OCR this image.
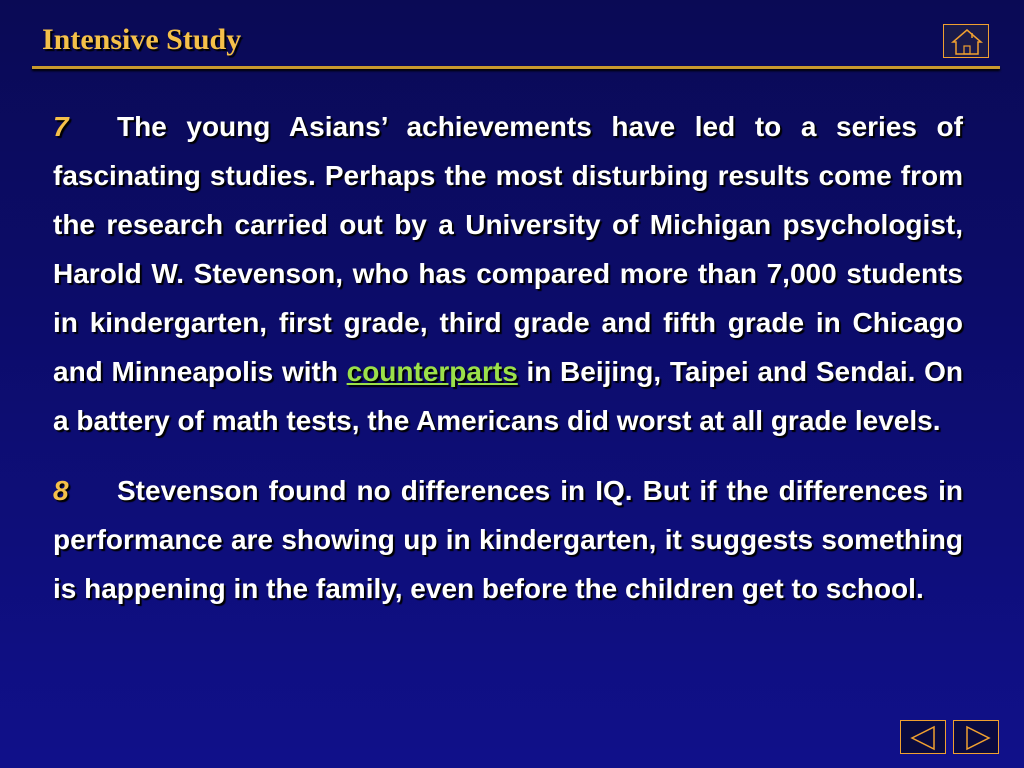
Intensive Study

7 The young Asians’ achievements have led to a series of fascinating studies. Perhaps the most disturbing results come from the research carried out by a University of Michigan psychologist, Harold W. Stevenson, who has compared more than 7,000 students in kindergarten, first grade, third grade and fifth grade in Chicago and Minneapolis with counterparts in Beijing, Taipei and Sendai. On a battery of math tests, the Americans did worst at all grade levels.

8 Stevenson found no differences in IQ. But if the differences in performance are showing up in kindergarten, it suggests something is happening in the family, even before the children get to school.
